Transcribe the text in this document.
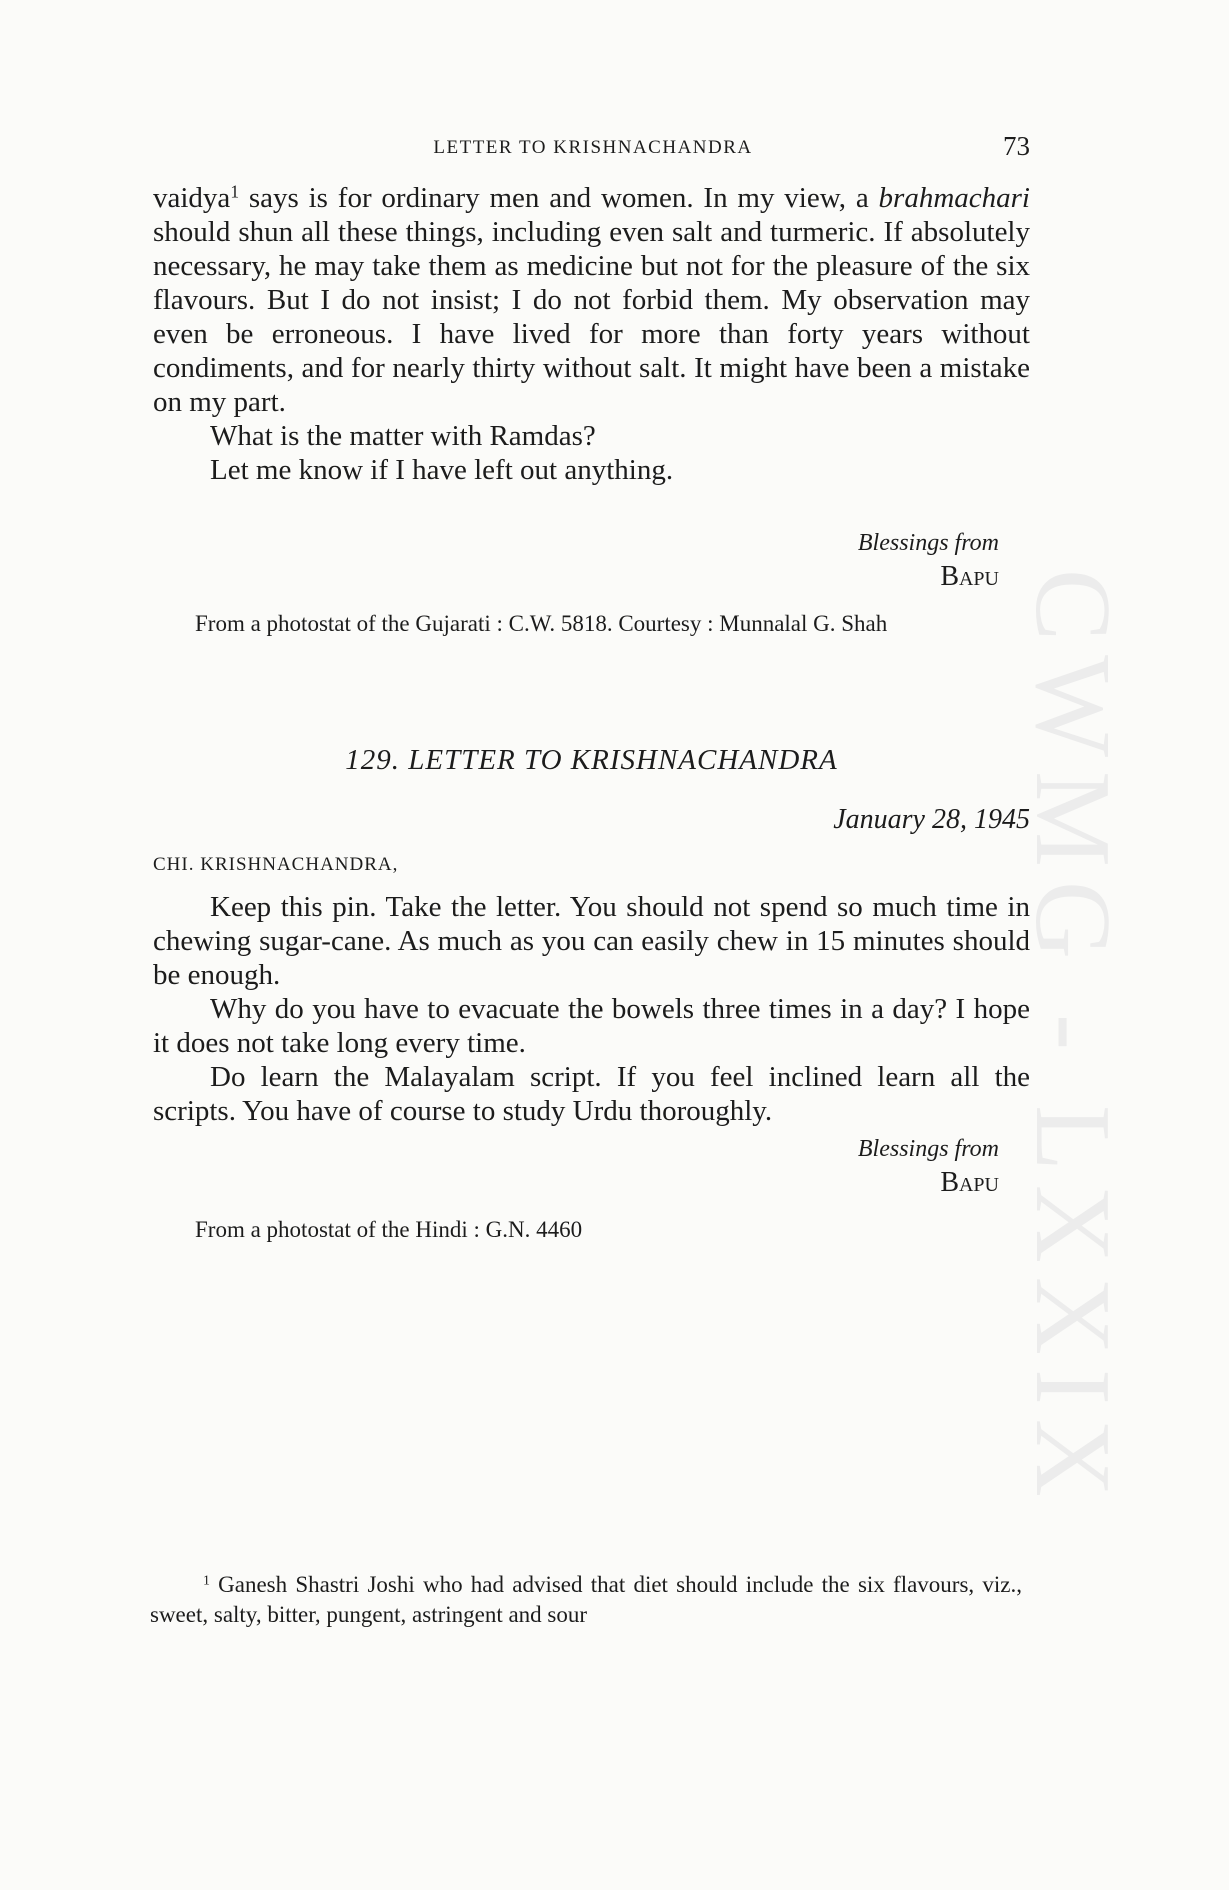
CWMG - LXXIX
LETTER TO KRISHNACHANDRA	73

vaidya$^1$ says is for ordinary men and women. In my view, a brahmachari should shun all these things, including even salt and turmeric. If absolutely necessary, he may take them as medicine but not for the pleasure of the six flavours. But I do not insist; I do not forbid them. My observation may even be erroneous. I have lived for more than forty years without condiments, and for nearly thirty without salt. It might have been a mistake on my part.

What is the matter with Ramdas?

Let me know if I have left out anything.

Blessings from
Bapu

From a photostat of the Gujarati : C.W. 5818. Courtesy : Munnalal G. Shah

129. LETTER TO KRISHNACHANDRA
January 28, 1945
CHI. KRISHNACHANDRA,

Keep this pin. Take the letter. You should not spend so much time in chewing sugar-cane. As much as you can easily chew in 15 minutes should be enough.

Why do you have to evacuate the bowels three times in a day? I hope it does not take long every time.

Do learn the Malayalam script. If you feel inclined learn all the scripts. You have of course to study Urdu thoroughly.

Blessings from
Bapu

From a photostat of the Hindi : G.N. 4460

$^1$ Ganesh Shastri Joshi who had advised that diet should include the six flavours, viz., sweet, salty, bitter, pungent, astringent and sour
